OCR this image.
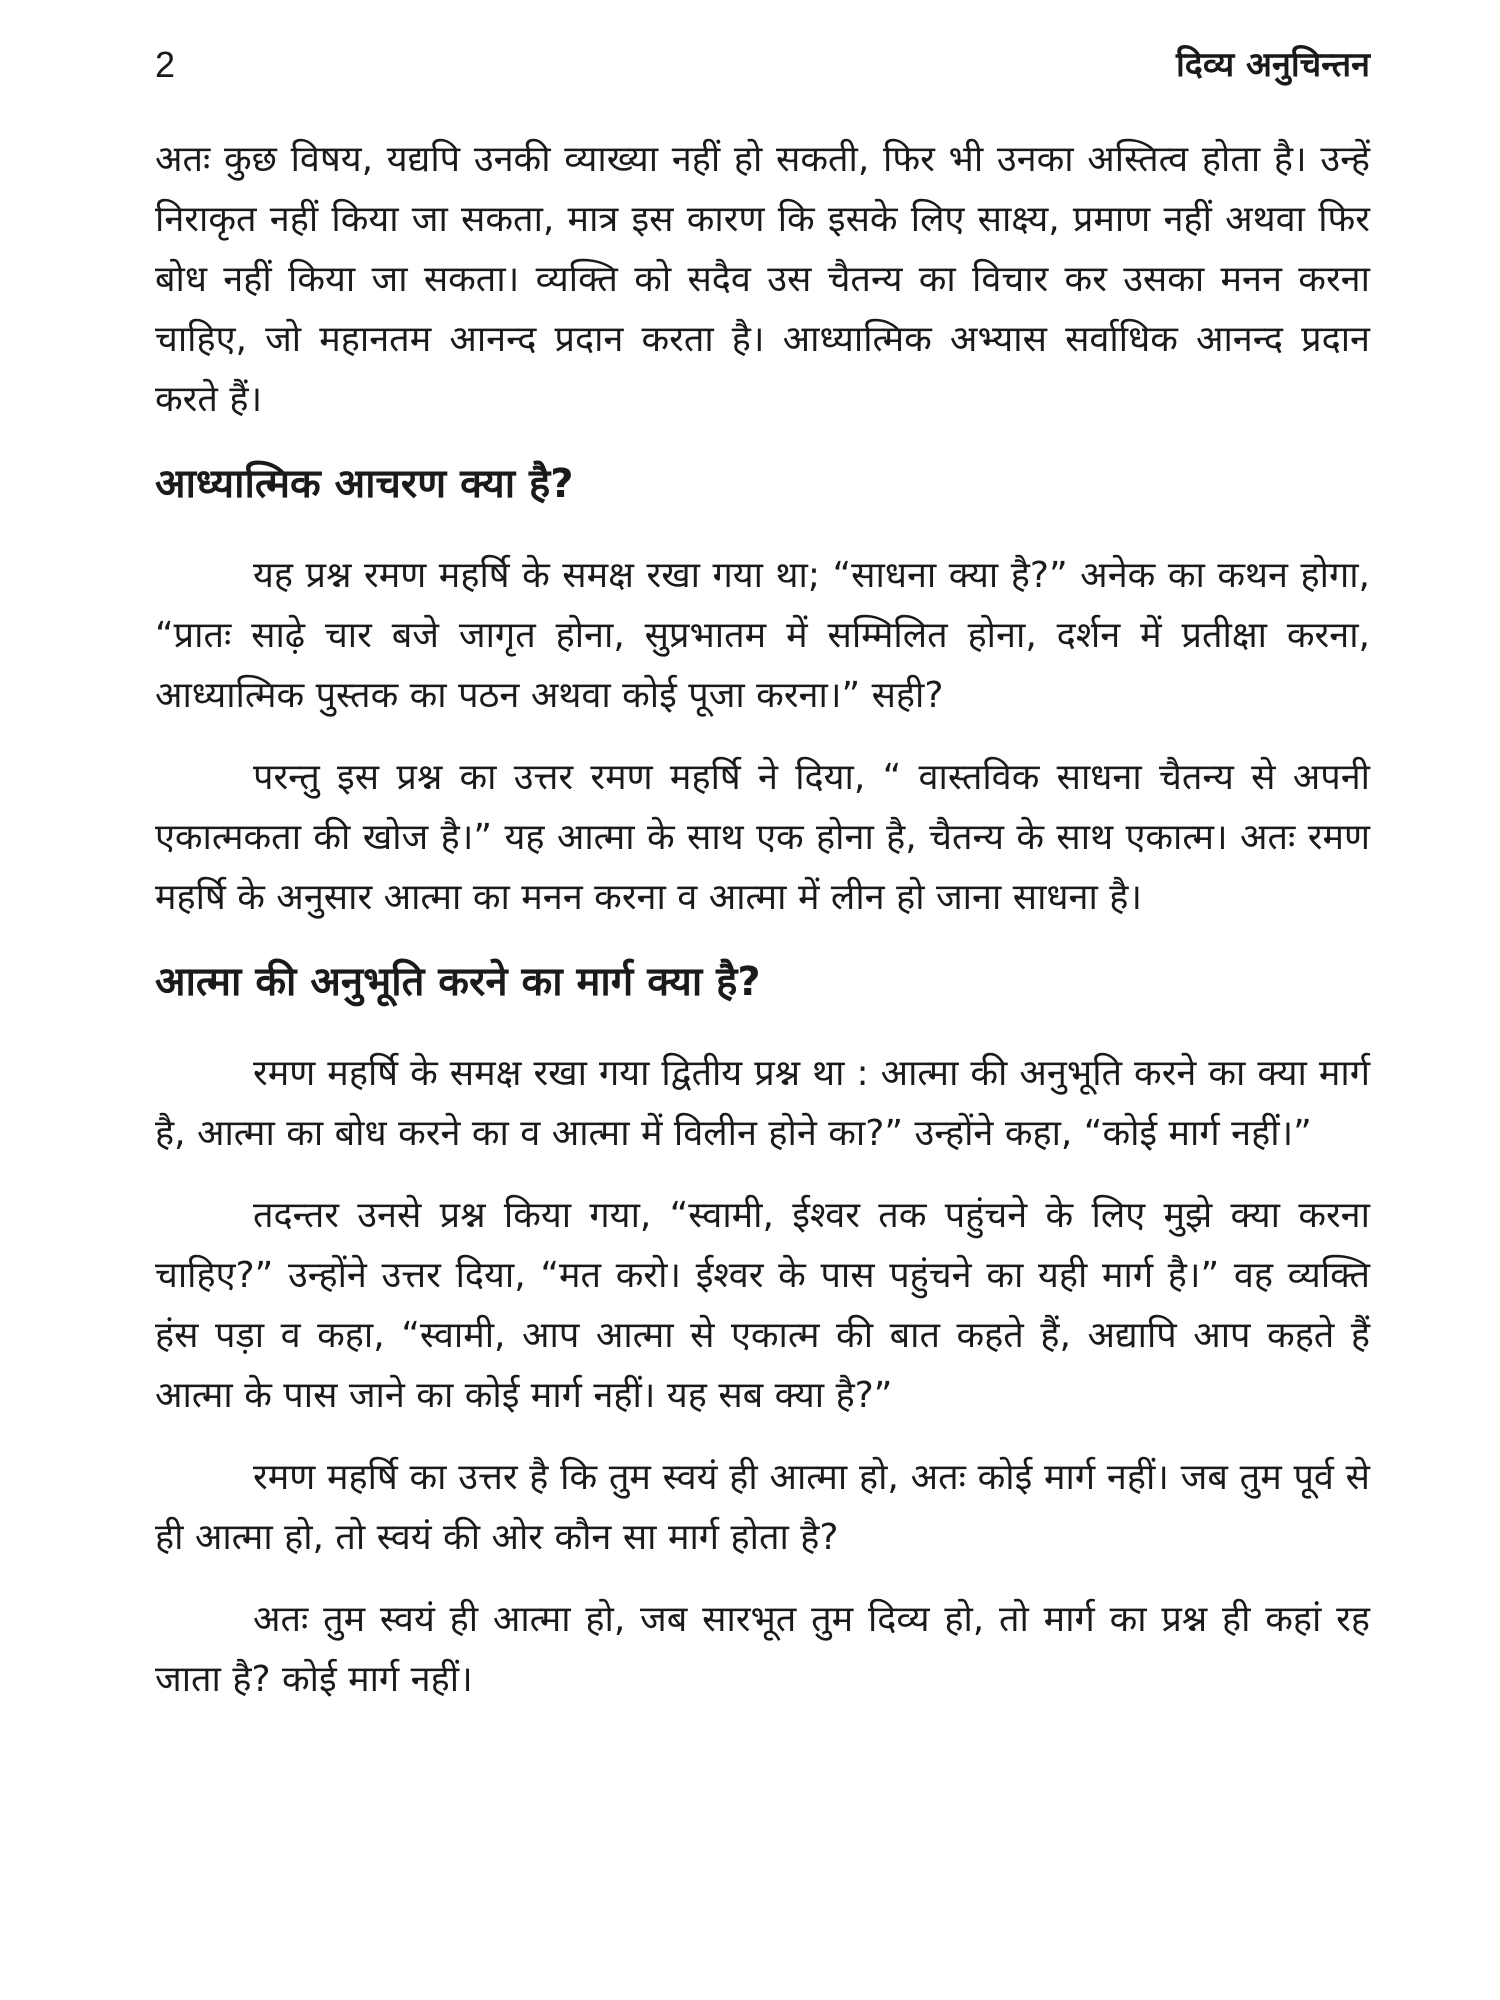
2	दिव्य अनुचिन्तन

अतः कुछ विषय, यद्यपि उनकी व्याख्या नहीं हो सकती, फिर भी उनका अस्तित्व होता है। उन्हें निराकृत नहीं किया जा सकता, मात्र इस कारण कि इसके लिए साक्ष्य, प्रमाण नहीं अथवा फिर बोध नहीं किया जा सकता। व्यक्ति को सदैव उस चैतन्य का विचार कर उसका मनन करना चाहिए, जो महानतम आनन्द प्रदान करता है। आध्यात्मिक अभ्यास सर्वाधिक आनन्द प्रदान करते हैं।

आध्यात्मिक आचरण क्या है?

यह प्रश्न रमण महर्षि के समक्ष रखा गया था; “साधना क्या है?” अनेक का कथन होगा, “प्रातः साढ़े चार बजे जागृत होना, सुप्रभातम में सम्मिलित होना, दर्शन में प्रतीक्षा करना, आध्यात्मिक पुस्तक का पठन अथवा कोई पूजा करना।” सही?

परन्तु इस प्रश्न का उत्तर रमण महर्षि ने दिया, “ वास्तविक साधना चैतन्य से अपनी एकात्मकता की खोज है।” यह आत्मा के साथ एक होना है, चैतन्य के साथ एकात्म। अतः रमण महर्षि के अनुसार आत्मा का मनन करना व आत्मा में लीन हो जाना साधना है।

आत्मा की अनुभूति करने का मार्ग क्या है?

रमण महर्षि के समक्ष रखा गया द्वितीय प्रश्न था : आत्मा की अनुभूति करने का क्या मार्ग है, आत्मा का बोध करने का व आत्मा में विलीन होने का?” उन्होंने कहा, “कोई मार्ग नहीं।”

तदन्तर उनसे प्रश्न किया गया, “स्वामी, ईश्वर तक पहुंचने के लिए मुझे क्या करना चाहिए?” उन्होंने उत्तर दिया, “मत करो। ईश्वर के पास पहुंचने का यही मार्ग है।” वह व्यक्ति हंस पड़ा व कहा, “स्वामी, आप आत्मा से एकात्म की बात कहते हैं, अद्यापि आप कहते हैं आत्मा के पास जाने का कोई मार्ग नहीं। यह सब क्या है?”

रमण महर्षि का उत्तर है कि तुम स्वयं ही आत्मा हो, अतः कोई मार्ग नहीं। जब तुम पूर्व से ही आत्मा हो, तो स्वयं की ओर कौन सा मार्ग होता है?

अतः तुम स्वयं ही आत्मा हो, जब सारभूत तुम दिव्य हो, तो मार्ग का प्रश्न ही कहां रह जाता है? कोई मार्ग नहीं।
